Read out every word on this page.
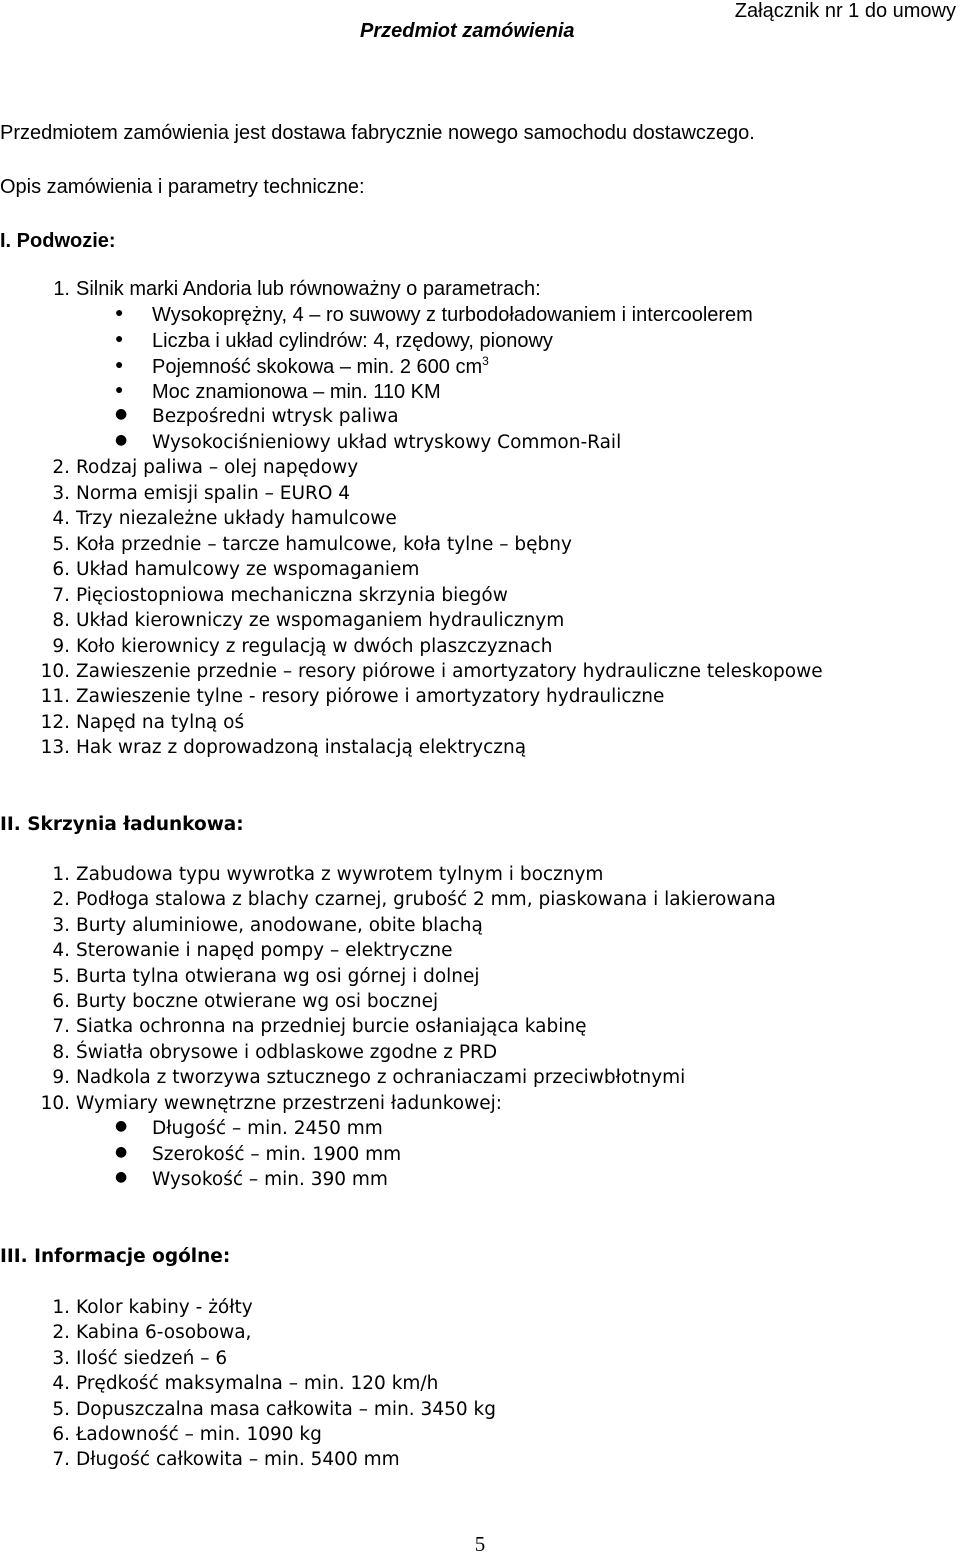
Załącznik nr 1 do umowy
Przedmiot zamówienia
Przedmiotem zamówienia jest dostawa fabrycznie nowego samochodu dostawczego.
Opis zamówienia i parametry techniczne:
I. Podwozie:
1. Silnik marki Andoria lub równoważny o parametrach:
● Wysokoprężny, 4 – ro suwowy z turbodoładowaniem i intercoolerem
● Liczba i układ cylindrów: 4, rzędowy, pionowy
● Pojemność skokowa – min. 2 600 $cm^3$
● Moc znamionowa – min. 110 KM
● Bezpośredni wtrysk paliwa
● Wysokociśnieniowy układ wtryskowy Common-Rail
2. Rodzaj paliwa – olej napędowy
3. Norma emisji spalin – EURO 4
4. Trzy niezależne układy hamulcowe
5. Koła przednie – tarcze hamulcowe, koła tylne – bębny
6. Układ hamulcowy ze wspomaganiem
7. Pięciostopniowa mechaniczna skrzynia biegów
8. Układ kierowniczy ze wspomaganiem hydraulicznym
9. Koło kierownicy z regulacją w dwóch plaszczyznach
10. Zawieszenie przednie – resory piórowe i amortyzatory hydrauliczne teleskopowe
11. Zawieszenie tylne - resory piórowe i amortyzatory hydrauliczne
12. Napęd na tylną oś
13. Hak wraz z doprowadzoną instalacją elektryczną
II. Skrzynia ładunkowa:
1. Zabudowa typu wywrotka z wywrotem tylnym i bocznym
2. Podłoga stalowa z blachy czarnej, grubość 2 mm, piaskowana i lakierowana
3. Burty aluminiowe, anodowane, obite blachą
4. Sterowanie i napęd pompy – elektryczne
5. Burta tylna otwierana wg osi górnej i dolnej
6. Burty boczne otwierane wg osi bocznej
7. Siatka ochronna na przedniej burcie osłaniająca kabinę
8. Światła obrysowe i odblaskowe zgodne z PRD
9. Nadkola z tworzywa sztucznego z ochraniaczami przeciwbłotnymi
10. Wymiary wewnętrzne przestrzeni ładunkowej:
● Długość – min. 2450 mm
● Szerokość – min. 1900 mm
● Wysokość – min. 390 mm
III. Informacje ogólne:
1. Kolor kabiny - żółty
2. Kabina 6-osobowa,
3. Ilość siedzeń – 6
4. Prędkość maksymalna – min. 120 km/h
5. Dopuszczalna masa całkowita – min. 3450 kg
6. Ładowność – min. 1090 kg
7. Długość całkowita – min. 5400 mm
5
